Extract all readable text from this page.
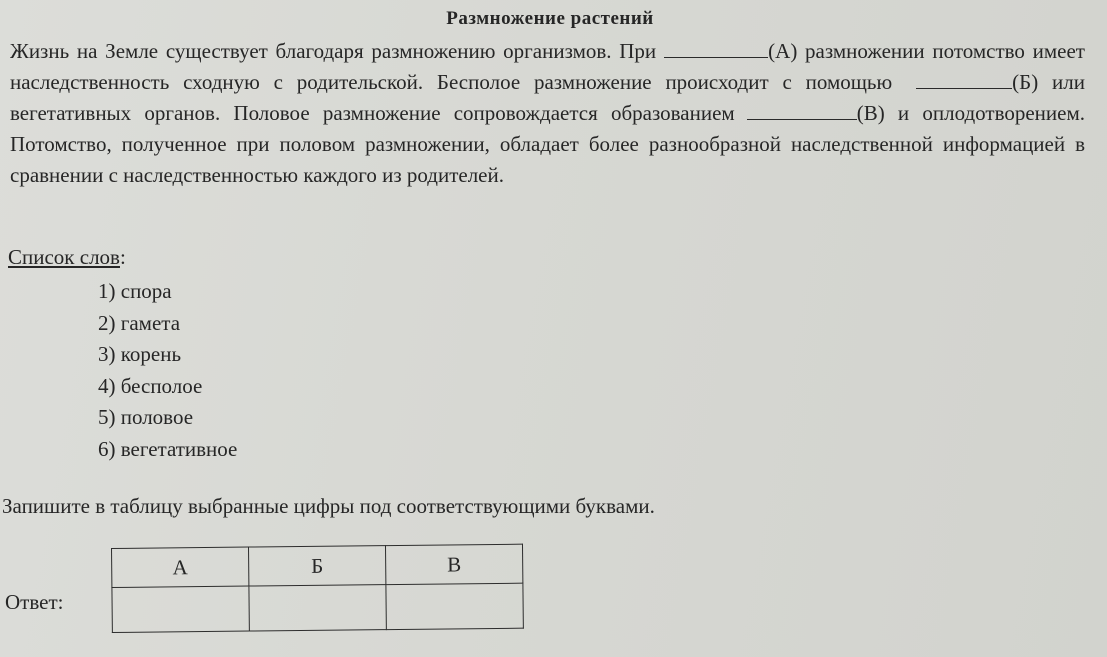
Размножение растений
Жизнь на Земле существует благодаря размножению организмов. При	(А) размножении потомство имеет наследственность сходную с родительской. Бесполое размножение происходит с помощью	(Б) или вегетативных органов. Половое размножение сопровождается образованием	(В) и оплодотворением. Потомство, полученное при половом размножении, обладает более разнообразной наследственной информацией в сравнении с наследственностью каждого из родителей.
Список слов:
1) спора
2) гамета
3) корень
4) бесполое
5) половое
6) вегетативное
Запишите в таблицу выбранные цифры под соответствующими буквами.
Ответ:
А	Б	В
